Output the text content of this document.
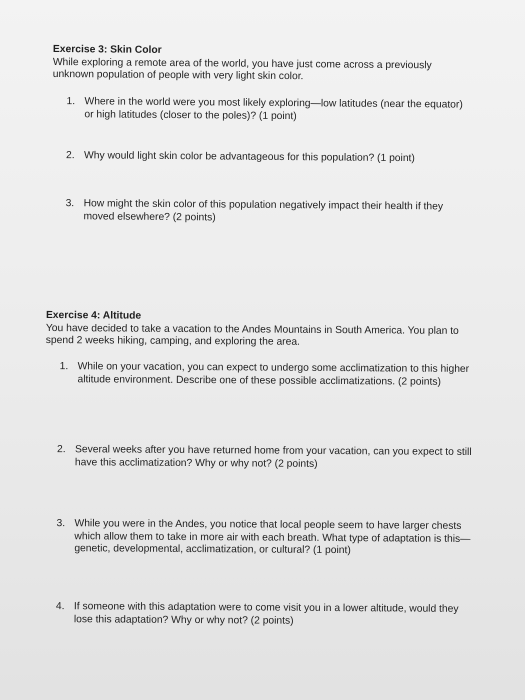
Exercise 3: Skin Color

While exploring a remote area of the world, you have just come across a previously unknown population of people with very light skin color.

1. Where in the world were you most likely exploring—low latitudes (near the equator) or high latitudes (closer to the poles)? (1 point)
2. Why would light skin color be advantageous for this population? (1 point)
3. How might the skin color of this population negatively impact their health if they moved elsewhere? (2 points)
Exercise 4: Altitude

You have decided to take a vacation to the Andes Mountains in South America. You plan to spend 2 weeks hiking, camping, and exploring the area.

1. While on your vacation, you can expect to undergo some acclimatization to this higher altitude environment. Describe one of these possible acclimatizations. (2 points)
2. Several weeks after you have returned home from your vacation, can you expect to still have this acclimatization? Why or why not? (2 points)
3. While you were in the Andes, you notice that local people seem to have larger chests which allow them to take in more air with each breath. What type of adaptation is this—genetic, developmental, acclimatization, or cultural? (1 point)
4. If someone with this adaptation were to come visit you in a lower altitude, would they lose this adaptation? Why or why not? (2 points)
